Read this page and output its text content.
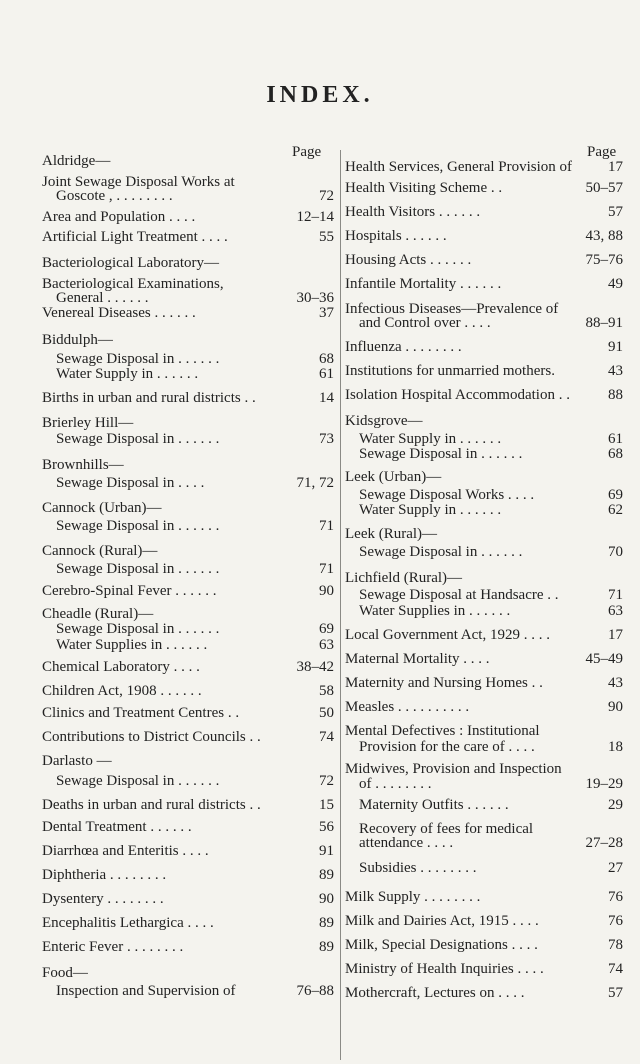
INDEX.
Page	Page
Aldridge—
Joint Sewage Disposal Works at
Goscote , . . . . . . . .	72
Area and Population . . . .	12–14
Artificial Light Treatment . . . .	55
Bacteriological Laboratory—
Bacteriological Examinations,
General . . . . . .	30–36
Venereal Diseases . . . . . .	37
Biddulph—
Sewage Disposal in . . . . . .	68
Water Supply in . . . . . .	61
Births in urban and rural districts . .	14
Brierley Hill—
Sewage Disposal in . . . . . .	73
Brownhills—
Sewage Disposal in . . . .	71, 72
Cannock (Urban)—
Sewage Disposal in . . . . . .	71
Cannock (Rural)—
Sewage Disposal in . . . . . .	71
Cerebro-Spinal Fever . . . . . .	90
Cheadle (Rural)—
Sewage Disposal in . . . . . .	69
Water Supplies in . . . . . .	63
Chemical Laboratory . . . .	38–42
Children Act, 1908 . . . . . .	58
Clinics and Treatment Centres . .	50
Contributions to District Councils . .	74
Darlasto —
Sewage Disposal in . . . . . .	72
Deaths in urban and rural districts . .	15
Dental Treatment . . . . . .	56
Diarrhœa and Enteritis . . . .	91
Diphtheria . . . . . . . .	89
Dysentery . . . . . . . .	90
Encephalitis Lethargica . . . .	89
Enteric Fever . . . . . . . .	89
Food—
Inspection and Supervision of	76–88
Health Services, General Provision of 17
Health Visiting Scheme . .	50–57
Health Visitors . . . . . .	57
Hospitals . . . . . .	43, 88
Housing Acts . . . . . .	75–76
Infantile Mortality . . . . . .	49
Infectious Diseases—Prevalence of
and Control over . . . .	88–91
Influenza . . . . . . . .	91
Institutions for unmarried mothers.	43
Isolation Hospital Accommodation . .	88
Kidsgrove—
Water Supply in . . . . . .	61
Sewage Disposal in . . . . . .	68
Leek (Urban)—
Sewage Disposal Works . . . .	69
Water Supply in . . . . . .	62
Leek (Rural)—
Sewage Disposal in . . . . . .	70
Lichfield (Rural)—
Sewage Disposal at Handsacre . .	71
Water Supplies in . . . . . .	63
Local Government Act, 1929 . . . .	17
Maternal Mortality . . . .	45–49
Maternity and Nursing Homes . .	43
Measles . . . . . . . . . .	90
Mental Defectives : Institutional
Provision for the care of . . . .	18
Midwives, Provision and Inspection
of . . . . . . . .	19–29
Maternity Outfits . . . . . .	29
Recovery of fees for medical
attendance . . . .	27–28
Subsidies . . . . . . . .	27
Milk Supply . . . . . . . .	76
Milk and Dairies Act, 1915 . . . .	76
Milk, Special Designations . . . .	78
Ministry of Health Inquiries . . . .	74
Mothercraft, Lectures on . . . .	57
